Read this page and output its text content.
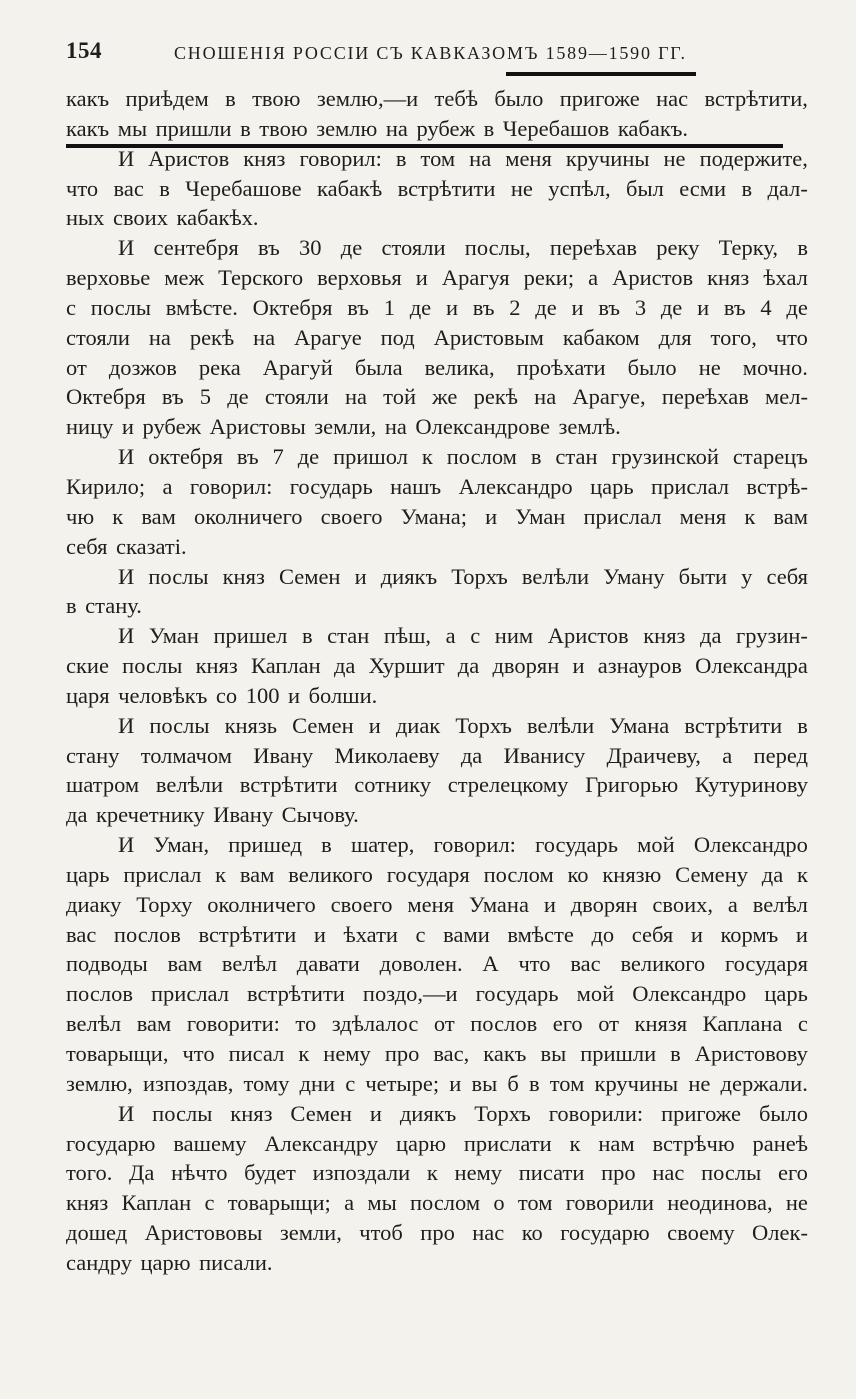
154	СНОШЕНІЯ РОССІИ СЪ КАВКАЗОМЪ 1589—1590 ГГ.
какъ приѣдем в твою землю,—и тебѣ было пригоже нас встрѣтити,
какъ мы пришли в твою землю на рубеж в Черебашов кабакъ.
И Аристов княз говорил: в том на меня кручины не подержите,
что вас в Черебашове кабакѣ встрѣтити не успѣл, был есми в дал-
ных своих кабакѣх.
И сентебря въ 30 де стояли послы, переѣхав реку Терку, в
верховье меж Терского верховья и Арагуя реки; а Аристов княз ѣхал
с послы вмѣсте. Октебря въ 1 де и въ 2 де и въ 3 де и въ 4 де
стояли на рекѣ на Арагуе под Аристовым кабаком для того, что
от дозжов река Арагуй была велика, проѣхати было не мочно.
Октебря въ 5 де стояли на той же рекѣ на Арагуе, переѣхав мел-
ницу и рубеж Аристовы земли, на Олександрове землѣ.
И октебря въ 7 де пришол к послом в стан грузинской старецъ
Кирило; а говорил: государь нашъ Александро царь прислал встрѣ-
чю к вам околничего своего Умана; и Уман прислал меня к вам
себя сказаті.
И послы княз Семен и диякъ Торхъ велѣли Уману быти у себя
в стану.
И Уман пришел в стан пѣш, а с ним Аристов княз да грузин-
ские послы княз Каплан да Хуршит да дворян и азнауров Олександра
царя человѣкъ со 100 и болши.
И послы князь Семен и диак Торхъ велѣли Умана встрѣтити в
стану толмачом Ивану Миколаеву да Иванису Драичеву, а перед
шатром велѣли встрѣтити сотнику стрелецкому Григорью Кутуринову
да кречетнику Ивану Сычову.
И Уман, пришед в шатер, говорил: государь мой Олександро
царь прислал к вам великого государя послом ко князю Семену да к
диаку Торху околничего своего меня Умана и дворян своих, а велѣл
вас послов встрѣтити и ѣхати с вами вмѣсте до себя и кормъ и
подводы вам велѣл давати доволен. А что вас великого государя
послов прислал встрѣтити поздо,—и государь мой Олександро царь
велѣл вам говорити: то здѣлалос от послов его от князя Каплана с
товарыщи, что писал к нему про вас, какъ вы пришли в Аристовову
землю, изпоздав, тому дни с четыре; и вы б в том кручины не держали.
И послы княз Семен и диякъ Торхъ говорили: пригоже было
государю вашему Александру царю прислати к нам встрѣчю ранеѣ
того. Да нѣчто будет изпоздали к нему писати про нас послы его
княз Каплан с товарыщи; а мы послом о том говорили неодинова, не
дошед Аристововы земли, чтоб про нас ко государю своему Олек-
сандру царю писали.
